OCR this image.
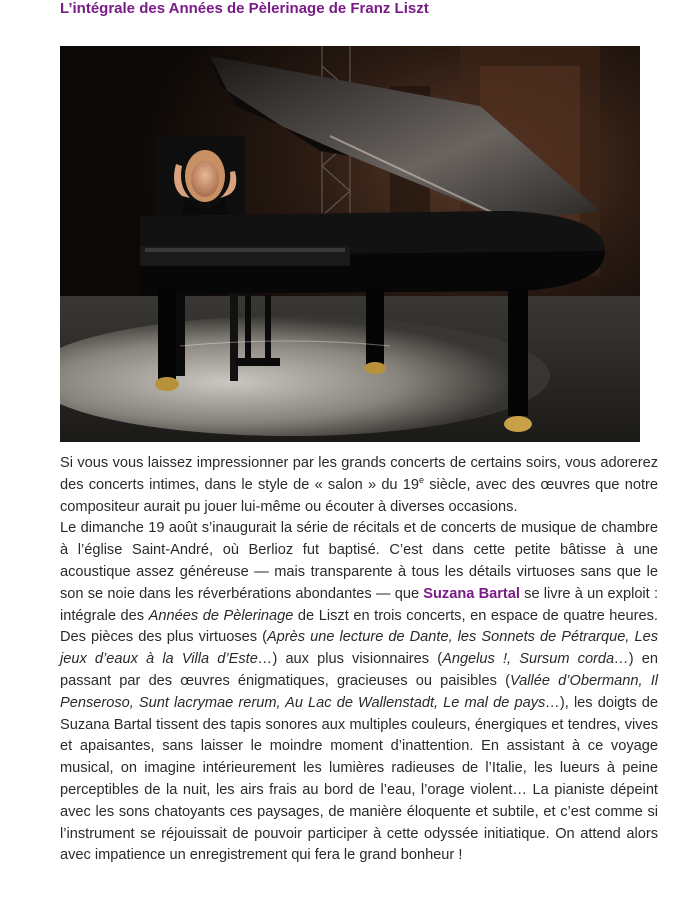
L’intégrale des Années de Pèlerinage de Franz Liszt

Si vous vous laissez impressionner par les grands concerts de certains soirs, vous adorerez des concerts intimes, dans le style de « salon » du 19e siècle, avec des œuvres que notre compositeur aurait pu jouer lui-même ou écouter à diverses occasions.

Le dimanche 19 août s’inaugurait la série de récitals et de concerts de musique de chambre à l’église Saint-André, où Berlioz fut baptisé. C’est dans cette petite bâtisse à une acoustique assez généreuse — mais transparente à tous les détails virtuoses sans que le son se noie dans les réverbérations abondantes — que Suzana Bartal se livre à un exploit : intégrale des Années de Pèlerinage de Liszt en trois concerts, en espace de quatre heures. Des pièces des plus virtuoses (Après une lecture de Dante, les Sonnets de Pétrarque, Les jeux d’eaux à la Villa d’Este…) aux plus visionnaires (Angelus !, Sursum corda…) en passant par des œuvres énigmatiques, gracieuses ou paisibles (Vallée d’Obermann, Il Penseroso, Sunt lacrymae rerum, Au Lac de Wallenstadt, Le mal de pays…), les doigts de Suzana Bartal tissent des tapis sonores aux multiples couleurs, énergiques et tendres, vives et apaisantes, sans laisser le moindre moment d’inattention. En assistant à ce voyage musical, on imagine intérieurement les lumières radieuses de l’Italie, les lueurs à peine perceptibles de la nuit, les airs frais au bord de l’eau, l’orage violent… La pianiste dépeint avec les sons chatoyants ces paysages, de manière éloquente et subtile, et c’est comme si l’instrument se réjouissait de pouvoir participer à cette odyssée initiatique. On attend alors avec impatience un enregistrement qui fera le grand bonheur !
